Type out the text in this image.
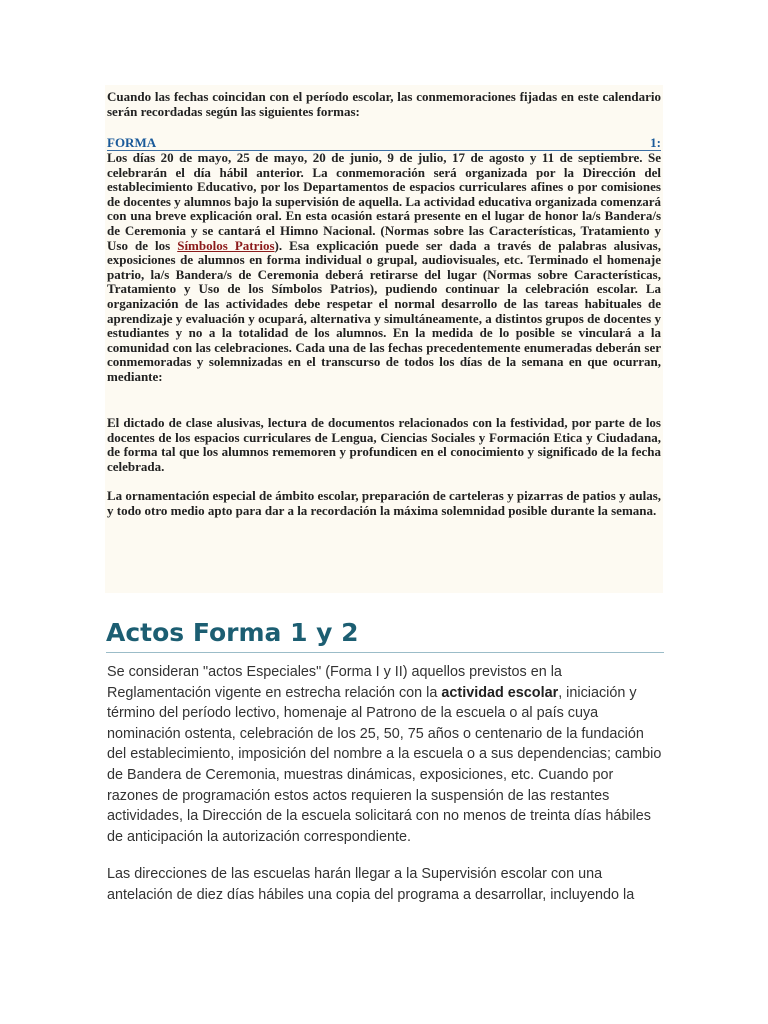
Cuando las fechas coincidan con el período escolar, las conmemoraciones fijadas en este calendario serán recordadas según las siguientes formas:

FORMA	1:

Los días 20 de mayo, 25 de mayo, 20 de junio, 9 de julio, 17 de agosto y 11 de septiembre. Se celebrarán el día hábil anterior. La conmemoración será organizada por la Dirección del establecimiento Educativo, por los Departamentos de espacios curriculares afines o por comisiones de docentes y alumnos bajo la supervisión de aquella. La actividad educativa organizada comenzará con una breve explicación oral. En esta ocasión estará presente en el lugar de honor la/s Bandera/s de Ceremonia y se cantará el Himno Nacional. (Normas sobre las Características, Tratamiento y Uso de los Símbolos Patrios). Esa explicación puede ser dada a través de palabras alusivas, exposiciones de alumnos en forma individual o grupal, audiovisuales, etc. Terminado el homenaje patrio, la/s Bandera/s de Ceremonia deberá retirarse del lugar (Normas sobre Características, Tratamiento y Uso de los Símbolos Patrios), pudiendo continuar la celebración escolar. La organización de las actividades debe respetar el normal desarrollo de las tareas habituales de aprendizaje y evaluación y ocupará, alternativa y simultáneamente, a distintos grupos de docentes y estudiantes y no a la totalidad de los alumnos. En la medida de lo posible se vinculará a la comunidad con las celebraciones. Cada una de las fechas precedentemente enumeradas deberán ser conmemoradas y solemnizadas en el transcurso de todos los días de la semana en que ocurran, mediante:

El dictado de clase alusivas, lectura de documentos relacionados con la festividad, por parte de los docentes de los espacios curriculares de Lengua, Ciencias Sociales y Formación Etica y Ciudadana, de forma tal que los alumnos rememoren y profundicen en el conocimiento y significado de la fecha celebrada.

La ornamentación especial de ámbito escolar, preparación de carteleras y pizarras de patios y aulas, y todo otro medio apto para dar a la recordación la máxima solemnidad posible durante la semana.

Actos Forma 1 y 2

Se consideran "actos Especiales" (Forma I y II) aquellos previstos en la Reglamentación vigente en estrecha relación con la actividad escolar, iniciación y término del período lectivo, homenaje al Patrono de la escuela o al país cuya nominación ostenta, celebración de los 25, 50, 75 años o centenario de la fundación del establecimiento, imposición del nombre a la escuela o a sus dependencias; cambio de Bandera de Ceremonia, muestras dinámicas, exposiciones, etc. Cuando por razones de programación estos actos requieren la suspensión de las restantes actividades, la Dirección de la escuela solicitará con no menos de treinta días hábiles de anticipación la autorización correspondiente.

Las direcciones de las escuelas harán llegar a la Supervisión escolar con una antelación de diez días hábiles una copia del programa a desarrollar, incluyendo la
